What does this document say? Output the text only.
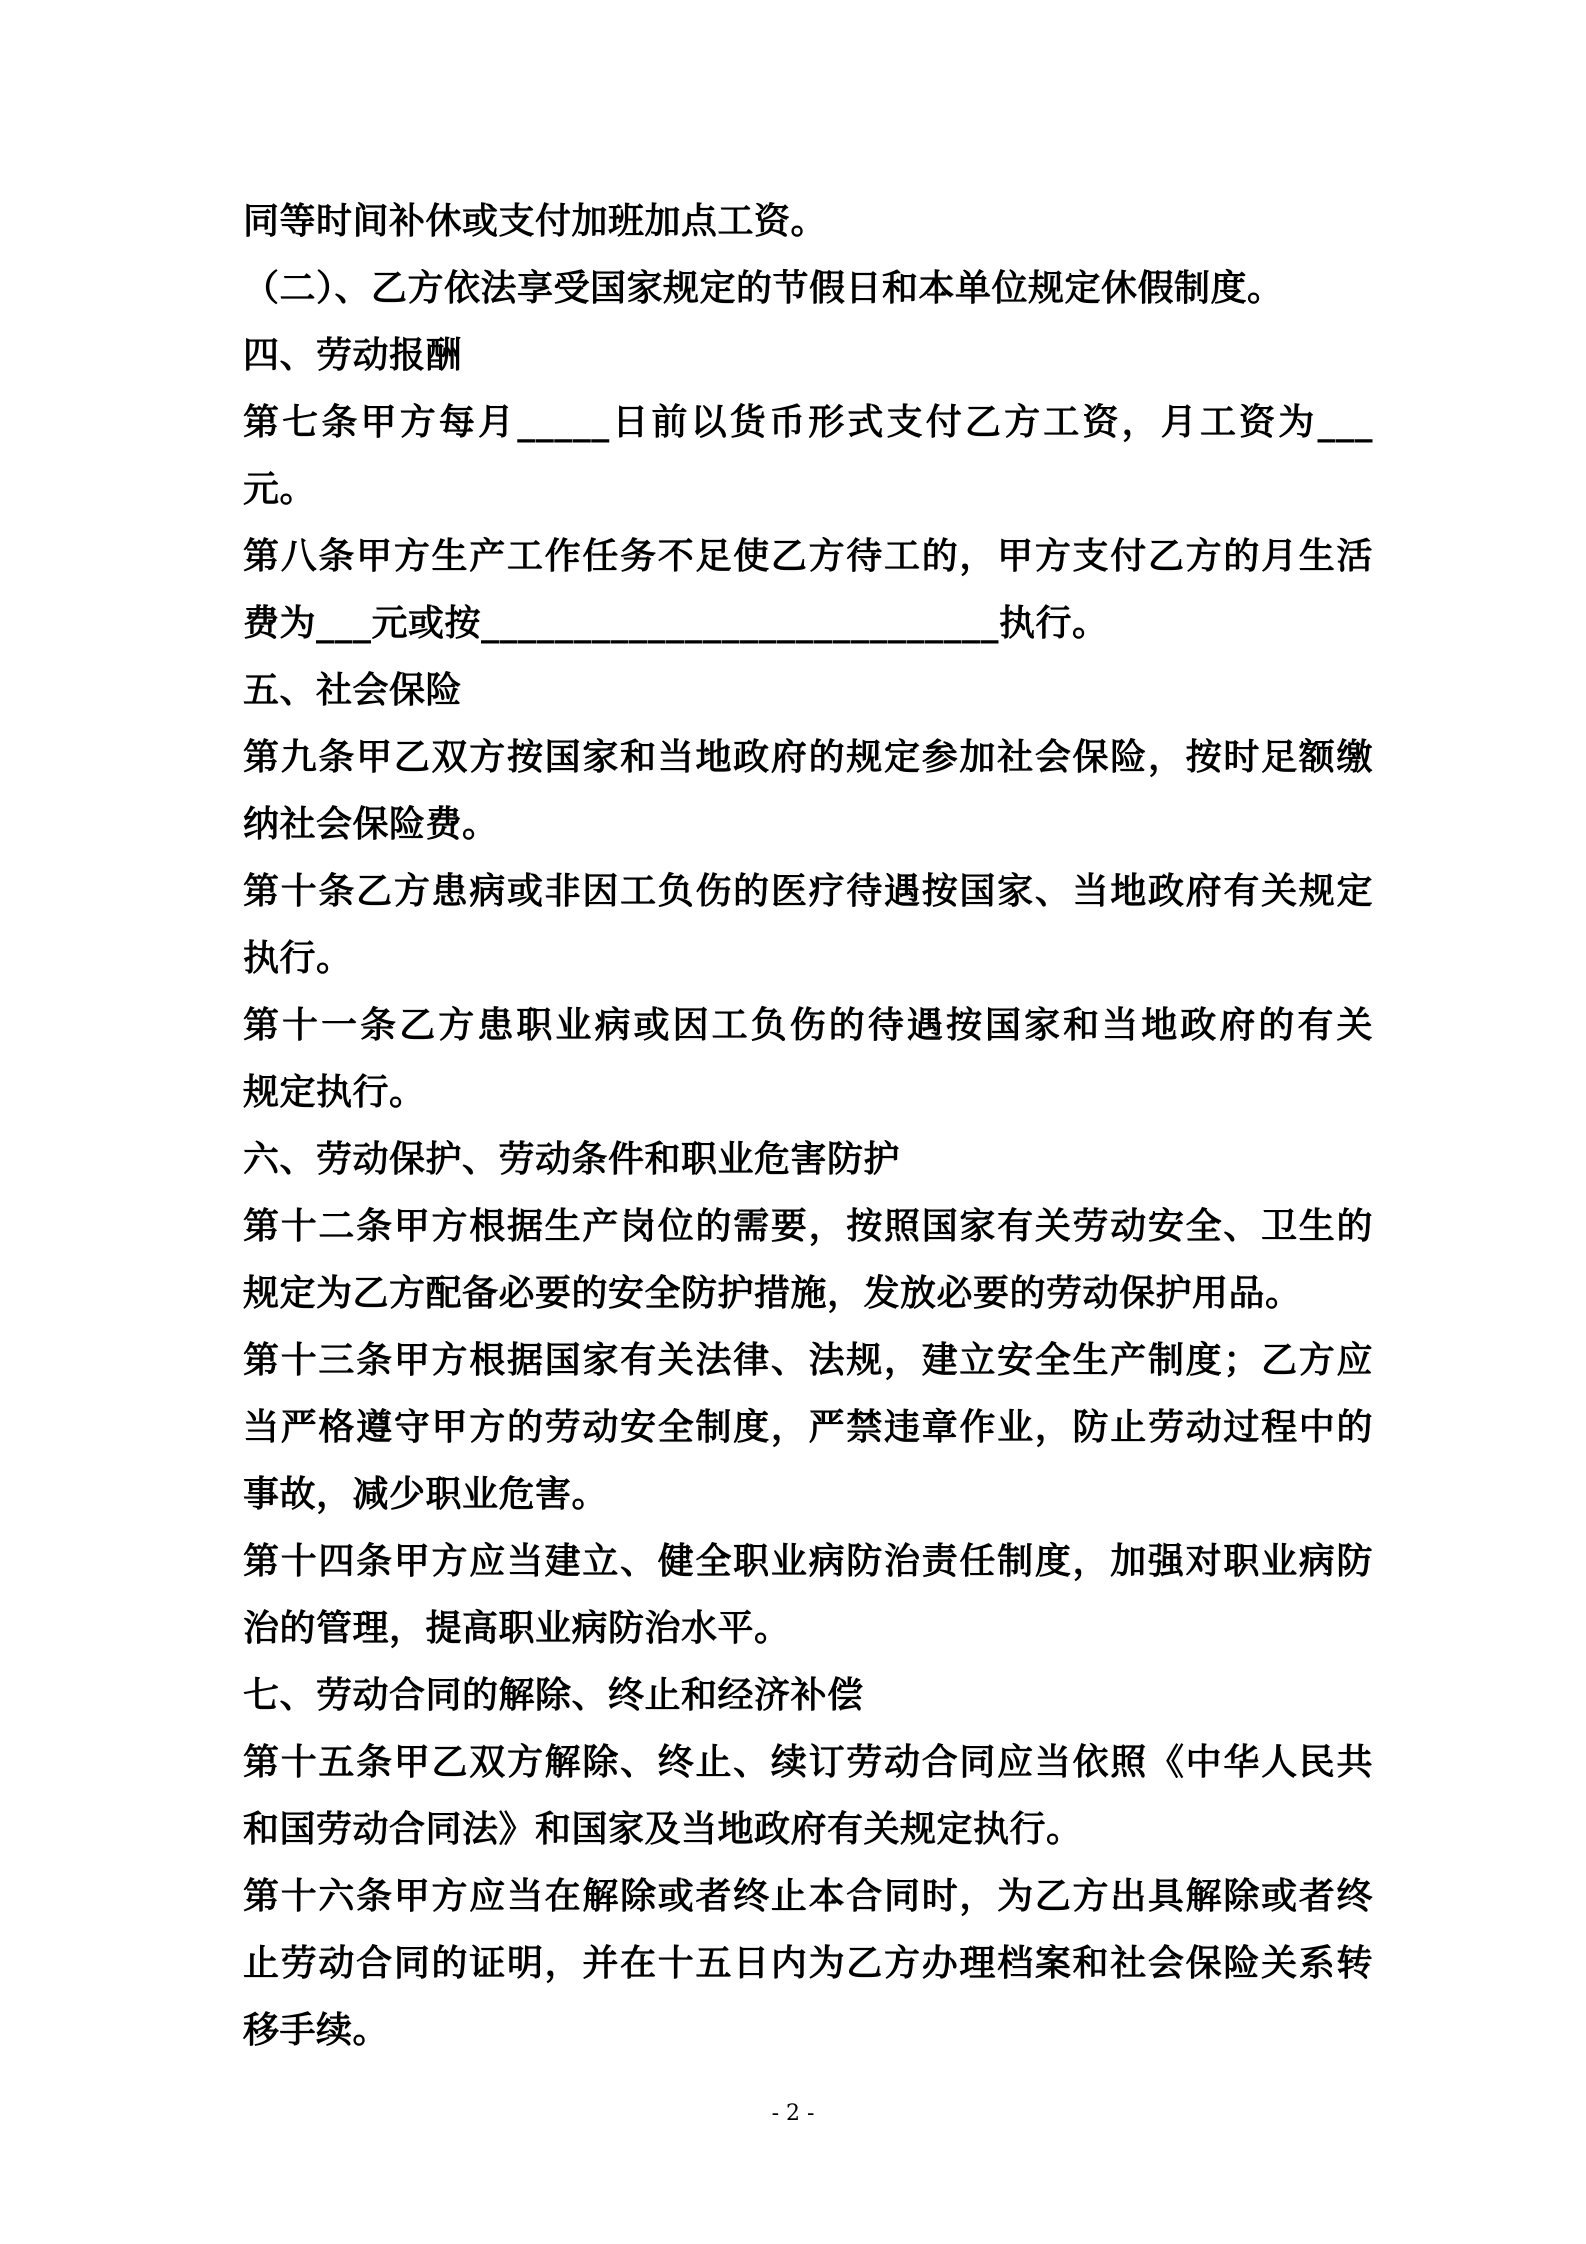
同等时间补休或支付加班加点工资。
（二）、乙方依法享受国家规定的节假日和本单位规定休假制度。
四、劳动报酬
第七条甲方每月_____日前以货币形式支付乙方工资，月工资为___
元。
第八条甲方生产工作任务不足使乙方待工的，甲方支付乙方的月生活
费为___元或按____________________________执行。
五、社会保险
第九条甲乙双方按国家和当地政府的规定参加社会保险，按时足额缴
纳社会保险费。
第十条乙方患病或非因工负伤的医疗待遇按国家、当地政府有关规定
执行。
第十一条乙方患职业病或因工负伤的待遇按国家和当地政府的有关
规定执行。
六、劳动保护、劳动条件和职业危害防护
第十二条甲方根据生产岗位的需要，按照国家有关劳动安全、卫生的
规定为乙方配备必要的安全防护措施，发放必要的劳动保护用品。
第十三条甲方根据国家有关法律、法规，建立安全生产制度；乙方应
当严格遵守甲方的劳动安全制度，严禁违章作业，防止劳动过程中的
事故，减少职业危害。
第十四条甲方应当建立、健全职业病防治责任制度，加强对职业病防
治的管理，提高职业病防治水平。
七、劳动合同的解除、终止和经济补偿
第十五条甲乙双方解除、终止、续订劳动合同应当依照《中华人民共
和国劳动合同法》和国家及当地政府有关规定执行。
第十六条甲方应当在解除或者终止本合同时，为乙方出具解除或者终
止劳动合同的证明，并在十五日内为乙方办理档案和社会保险关系转
移手续。
- 2 -
